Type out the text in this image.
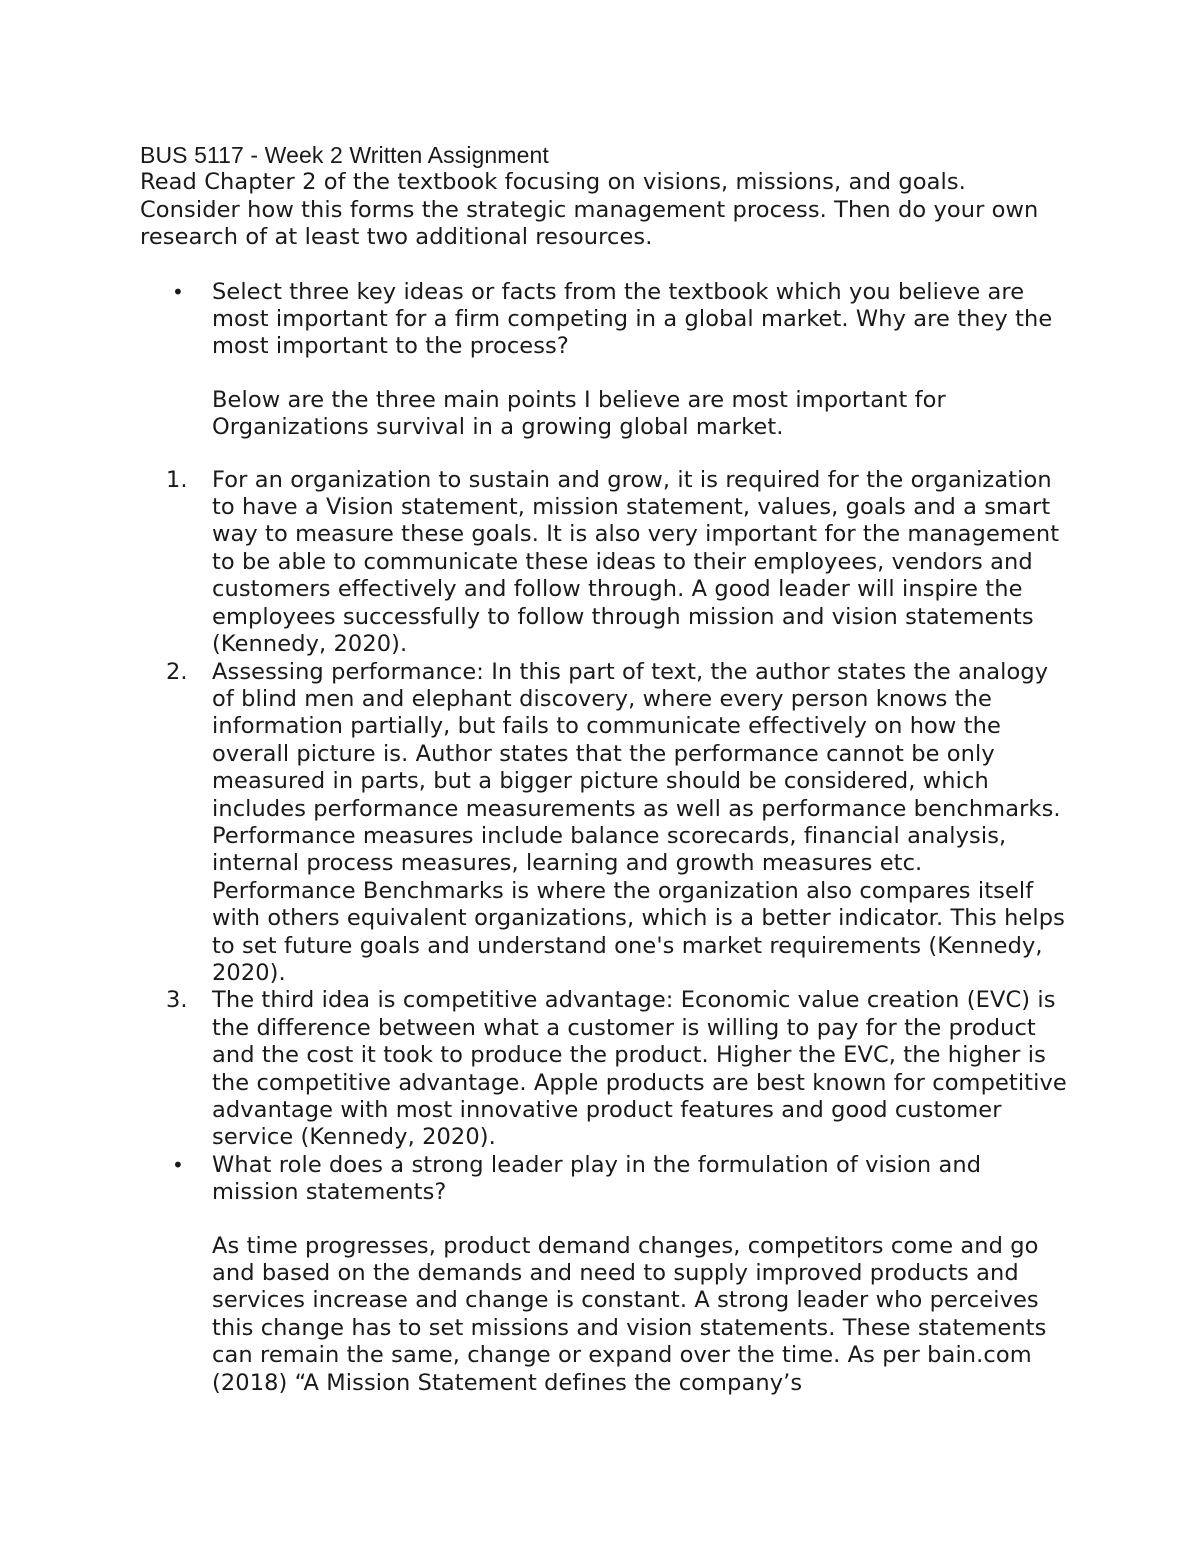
BUS 5117 - Week 2 Written Assignment

Read Chapter 2 of the textbook focusing on visions, missions, and goals. Consider how this forms the strategic management process. Then do your own research of at least two additional resources.

•	Select three key ideas or facts from the textbook which you believe are most important for a firm competing in a global market. Why are they the most important to the process?

Below are the three main points I believe are most important for Organizations survival in a growing global market.

1.	For an organization to sustain and grow, it is required for the organization to have a Vision statement, mission statement, values, goals and a smart way to measure these goals. It is also very important for the management to be able to communicate these ideas to their employees, vendors and customers effectively and follow through. A good leader will inspire the employees successfully to follow through mission and vision statements (Kennedy, 2020).

2.	Assessing performance: In this part of text, the author states the analogy of blind men and elephant discovery, where every person knows the information partially, but fails to communicate effectively on how the overall picture is. Author states that the performance cannot be only measured in parts, but a bigger picture should be considered, which includes performance measurements as well as performance benchmarks. Performance measures include balance scorecards, financial analysis, internal process measures, learning and growth measures etc. Performance Benchmarks is where the organization also compares itself with others equivalent organizations, which is a better indicator. This helps to set future goals and understand one's market requirements (Kennedy, 2020).

3.	The third idea is competitive advantage: Economic value creation (EVC) is the difference between what a customer is willing to pay for the product and the cost it took to produce the product. Higher the EVC, the higher is the competitive advantage. Apple products are best known for competitive advantage with most innovative product features and good customer service (Kennedy, 2020).

•	What role does a strong leader play in the formulation of vision and mission statements?

As time progresses, product demand changes, competitors come and go and based on the demands and need to supply improved products and services increase and change is constant. A strong leader who perceives this change has to set missions and vision statements. These statements can remain the same, change or expand over the time. As per bain.com (2018) “A Mission Statement defines the company’s
